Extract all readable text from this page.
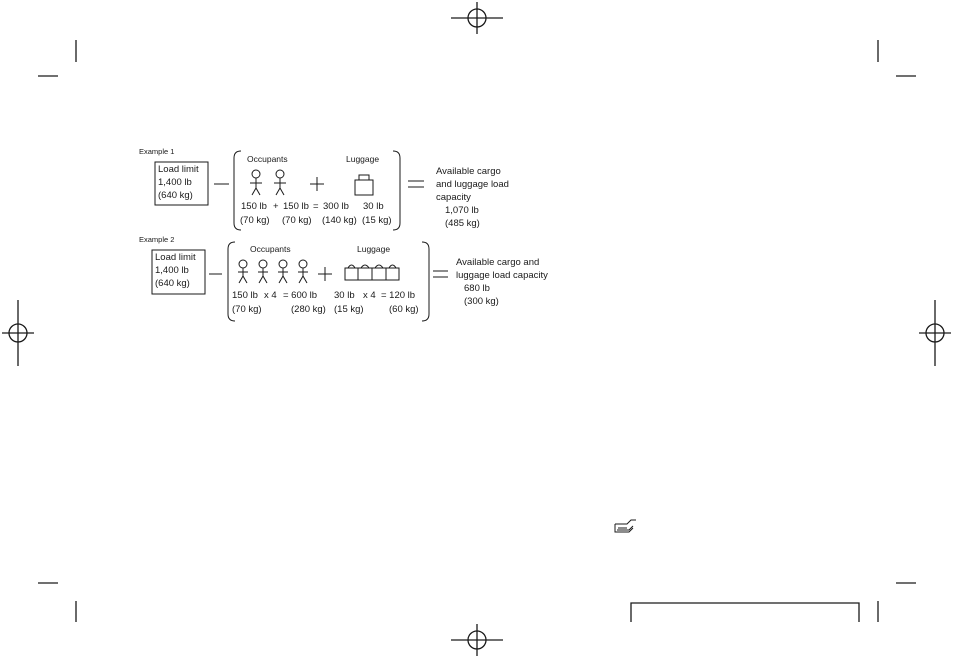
Example 1
Load limit
1,400 lb
(640 kg)
Occupants	Luggage
150 lb + 150 lb = 300 lb 30 lb
(70 kg) (70 kg) (140 kg) (15 kg)
Available cargo
and luggage load
capacity
1,070 lb
(485 kg)
Example 2
Load limit
1,400 lb
(640 kg)
Occupants	Luggage
150 lb x 4 = 600 lb 30 lb x 4 = 120 lb
(70 kg)	(280 kg) (15 kg)	(60 kg)
Available cargo and
luggage load capacity
680 lb
(300 kg)
